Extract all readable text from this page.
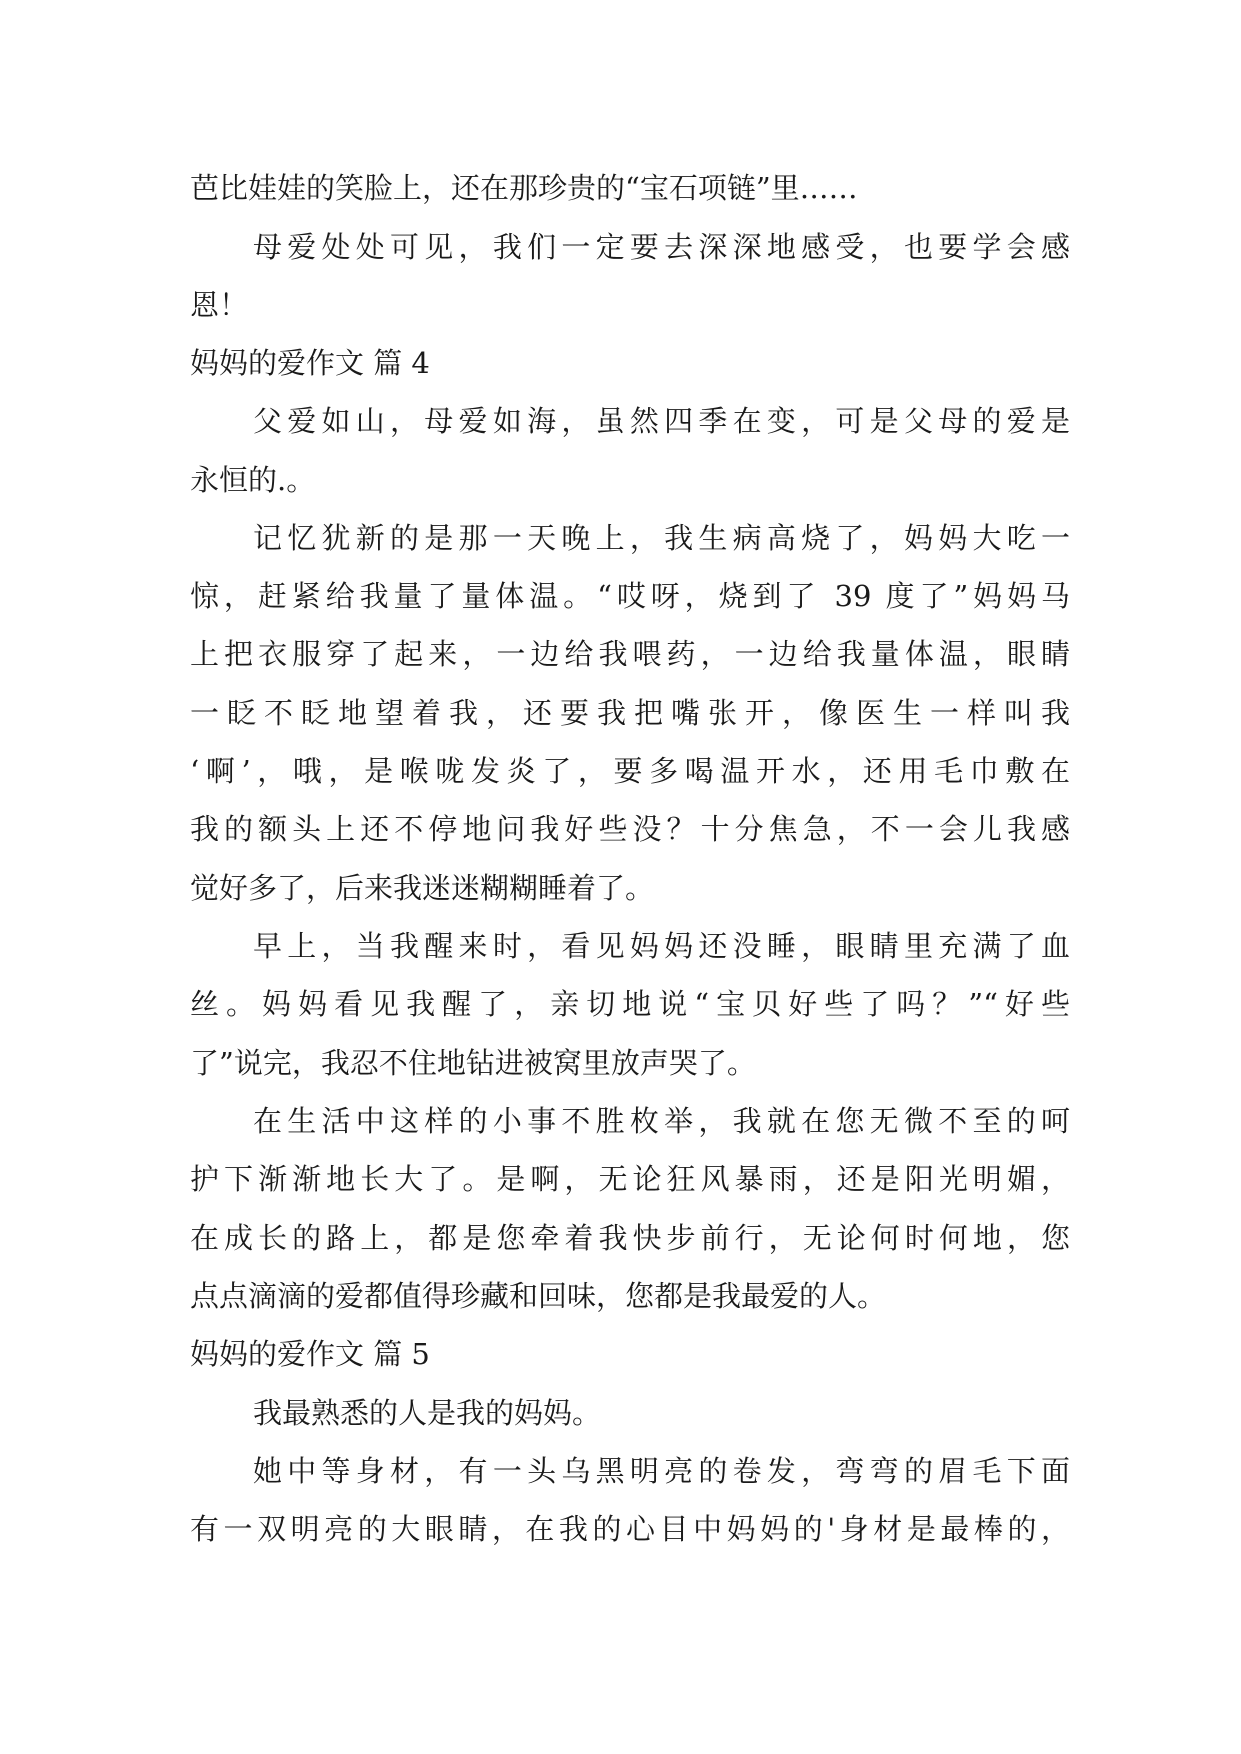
芭比娃娃的笑脸上，还在那珍贵的“宝石项链”里……
母爱处处可见，我们一定要去深深地感受，也要学会感
恩！
妈妈的爱作文 篇 4
父爱如山，母爱如海，虽然四季在变，可是父母的爱是
永恒的.。
记忆犹新的是那一天晚上，我生病高烧了，妈妈大吃一
惊，赶紧给我量了量体温。“哎呀，烧到了 39 度了”妈妈马
上把衣服穿了起来，一边给我喂药，一边给我量体温，眼睛
一眨不眨地望着我，还要我把嘴张开，像医生一样叫我
‘啊’，哦，是喉咙发炎了，要多喝温开水，还用毛巾敷在
我的额头上还不停地问我好些没？十分焦急，不一会儿我感
觉好多了，后来我迷迷糊糊睡着了。
早上，当我醒来时，看见妈妈还没睡，眼睛里充满了血
丝。妈妈看见我醒了，亲切地说“宝贝好些了吗？”“好些
了”说完，我忍不住地钻进被窝里放声哭了。
在生活中这样的小事不胜枚举，我就在您无微不至的呵
护下渐渐地长大了。是啊，无论狂风暴雨，还是阳光明媚，
在成长的路上，都是您牵着我快步前行，无论何时何地，您
点点滴滴的爱都值得珍藏和回味，您都是我最爱的人。
妈妈的爱作文 篇 5
我最熟悉的人是我的妈妈。
她中等身材，有一头乌黑明亮的卷发，弯弯的眉毛下面
有一双明亮的大眼睛，在我的心目中妈妈的'身材是最棒的，
